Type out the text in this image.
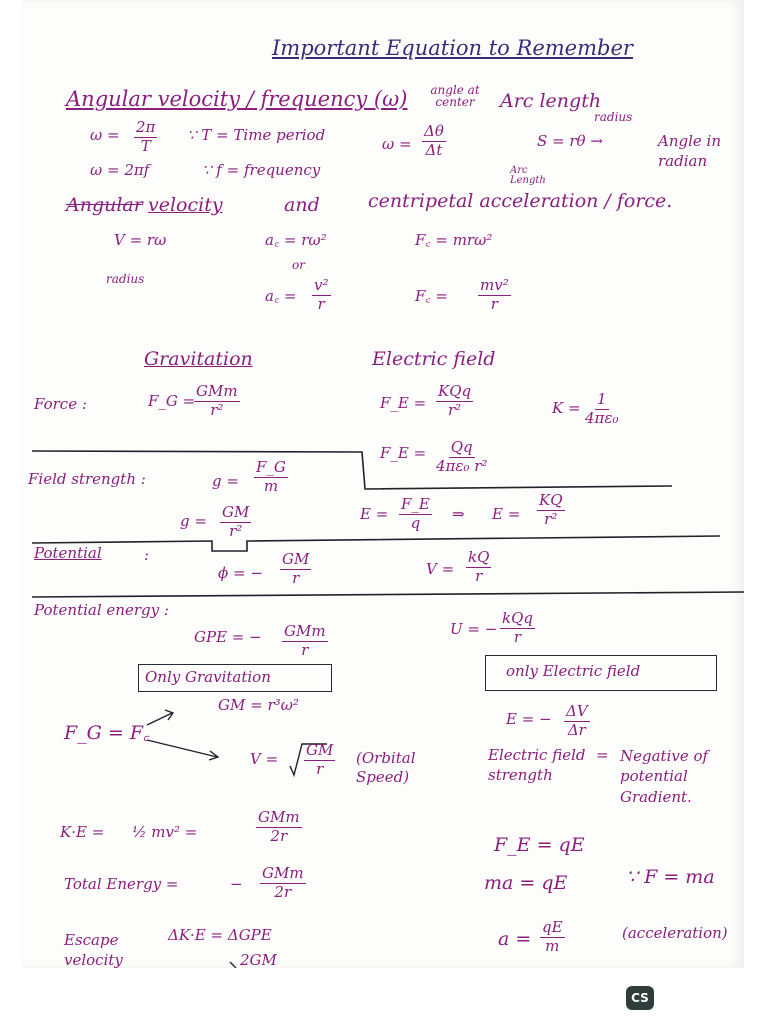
Important Equation to Remember
Angular velocity / frequency (ω)
$\omega = \frac{2\pi}{T}$ ∵ T = Time period
ω = 2πf	∵ f = frequency
angle at center
$\omega = \frac{\Delta\theta}{\Delta t}$
Arc length
radius
S = rθ →	Angle in radian
Arc Length
Angular velocity	and	centripetal acceleration / force.
V = rω
radius
a꜀ = rω²
or
a꜀ = $\frac{\text{v²}}{r}$
F꜀ = mrω²
F꜀ = $\frac{\text{mv²}}{r}$
Gravitation	Electric field
Force :	F_G =
GMm
r²	F_E =
KQq
r²	$K = \frac{1}{\text{4πε₀}}$
F_E = $\frac{Qq}{\text{4πε₀ r²}}$
Field strength :	$g = \frac{F\_G}{m}$
$g = \frac{GM}{\text{r²}}$	$E = \frac{F\_E}{q}$ ⇒ $E = \frac{KQ}{\text{r²}}$
Potential	:
ϕ = − $\frac{GM}{r}$	$V = \frac{kQ}{r}$
Potential energy :
GPE = − GMm
r
U = −
kQq
r
Only Gravitation	only Electric field
F_G = F꜀
GM = r³ω²
$V = \frac{GM}{r}$ (Orbital Speed)
K·E = ½ mv² =
GMm
2r
Total Energy =	−
GMm
2r
Escape velocity
ΔK·E = ΔGPE
2GM
E = − $\frac{\Delta V}{\Delta r}$
Electric field strength
= Negative of potential Gradient.
F_E = qE
ma = qE	∵ F = ma
$a = \frac{qE}{m}$	(acceleration)
CS
